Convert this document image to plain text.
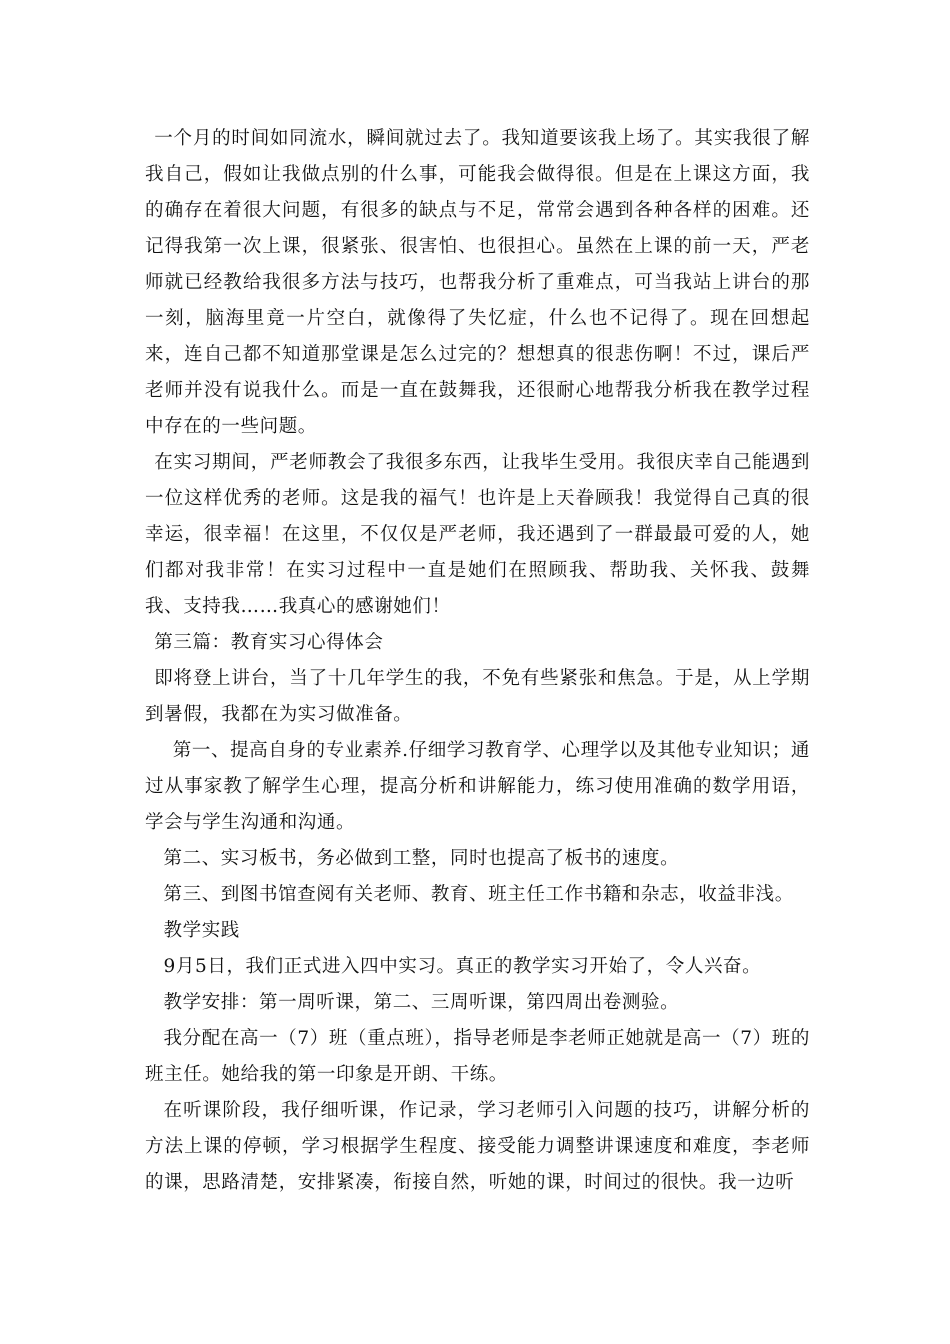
一个月的时间如同流水，瞬间就过去了。我知道要该我上场了。其实我很了解我自己，假如让我做点别的什么事，可能我会做得很。但是在上课这方面，我的确存在着很大问题，有很多的缺点与不足，常常会遇到各种各样的困难。还记得我第一次上课，很紧张、很害怕、也很担心。虽然在上课的前一天，严老师就已经教给我很多方法与技巧，也帮我分析了重难点，可当我站上讲台的那一刻，脑海里竟一片空白，就像得了失忆症，什么也不记得了。现在回想起来，连自己都不知道那堂课是怎么过完的？想想真的很悲伤啊！不过，课后严老师并没有说我什么。而是一直在鼓舞我，还很耐心地帮我分析我在教学过程中存在的一些问题。

在实习期间，严老师教会了我很多东西，让我毕生受用。我很庆幸自己能遇到一位这样优秀的老师。这是我的福气！也许是上天眷顾我！我觉得自己真的很幸运，很幸福！在这里，不仅仅是严老师，我还遇到了一群最最可爱的人，她们都对我非常！在实习过程中一直是她们在照顾我、帮助我、关怀我、鼓舞我、支持我……我真心的感谢她们！

第三篇：教育实习心得体会

即将登上讲台，当了十几年学生的我，不免有些紧张和焦急。于是，从上学期到暑假，我都在为实习做准备。

第一、提高自身的专业素养.仔细学习教育学、心理学以及其他专业知识；通过从事家教了解学生心理，提高分析和讲解能力，练习使用准确的数学用语，学会与学生沟通和沟通。

第二、实习板书，务必做到工整，同时也提高了板书的速度。

第三、到图书馆查阅有关老师、教育、班主任工作书籍和杂志，收益非浅。

教学实践

9月5日，我们正式进入四中实习。真正的教学实习开始了，令人兴奋。

教学安排：第一周听课，第二、三周听课，第四周出卷测验。

我分配在高一（7）班（重点班），指导老师是李老师正她就是高一（7）班的班主任。她给我的第一印象是开朗、干练。

在听课阶段，我仔细听课，作记录，学习老师引入问题的技巧，讲解分析的方法上课的停顿，学习根据学生程度、接受能力调整讲课速度和难度，李老师的课，思路清楚，安排紧凑，衔接自然，听她的课，时间过的很快。我一边听
